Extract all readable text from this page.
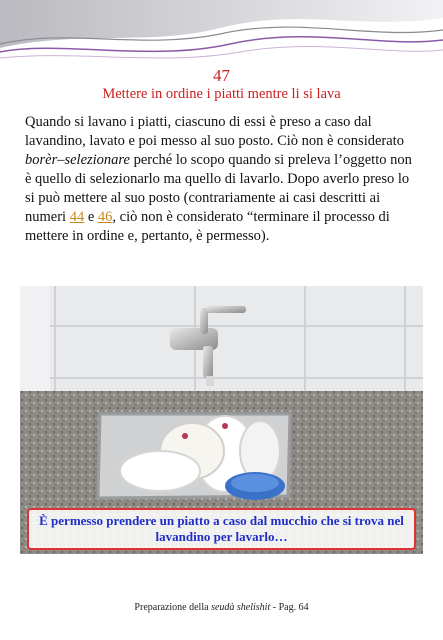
47
Mettere in ordine i piatti mentre li si lava

Quando si lavano i piatti, ciascuno di essi è preso a caso dal lavandino, lavato e poi messo al suo posto. Ciò non è considerato borèr–selezionare perché lo scopo quando si preleva l’oggetto non è quello di selezionarlo ma quello di lavarlo. Dopo averlo preso lo si può mettere al suo posto (contrariamente ai casi descritti ai numeri 44 e 46, ciò non è considerato “terminare il processo di mettere in ordine e, pertanto, è permesso).

È permesso prendere un piatto a caso dal mucchio che si trova nel lavandino per lavarlo…
Preparazione della seudà shelishit - Pag. 64
